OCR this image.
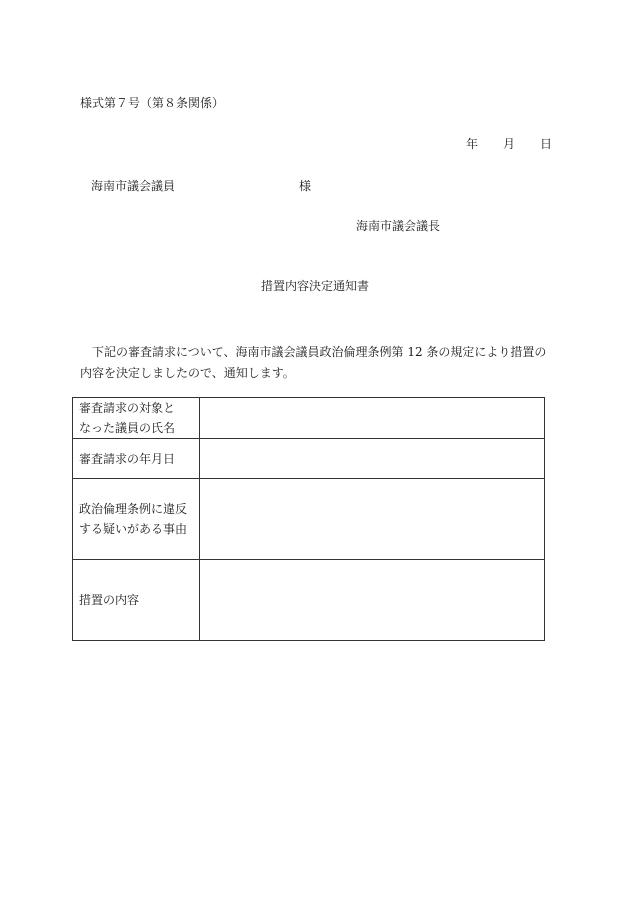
様式第７号（第８条関係）
年 月 日
海南市議会議員	様
海南市議会議長
措置内容決定通知書
下記の審査請求について、海南市議会議員政治倫理条例第 12 条の規定により措置の内容を決定しましたので、通知します。
審査請求の対象と
なった議員の氏名	
審査請求の年月日	
政治倫理条例に違反
する疑いがある事由	
措置の内容	
